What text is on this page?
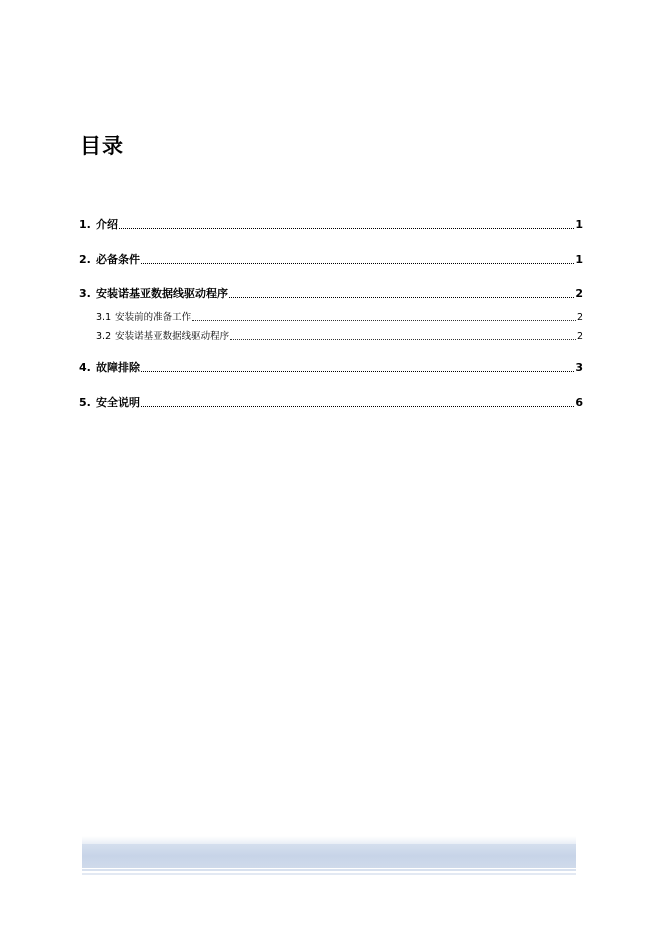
目录
1. 介绍	1
2. 必备条件	1
3. 安装诺基亚数据线驱动程序	2
3.1 安装前的准备工作	2
3.2 安装诺基亚数据线驱动程序	2
4. 故障排除	3
5. 安全说明	6
